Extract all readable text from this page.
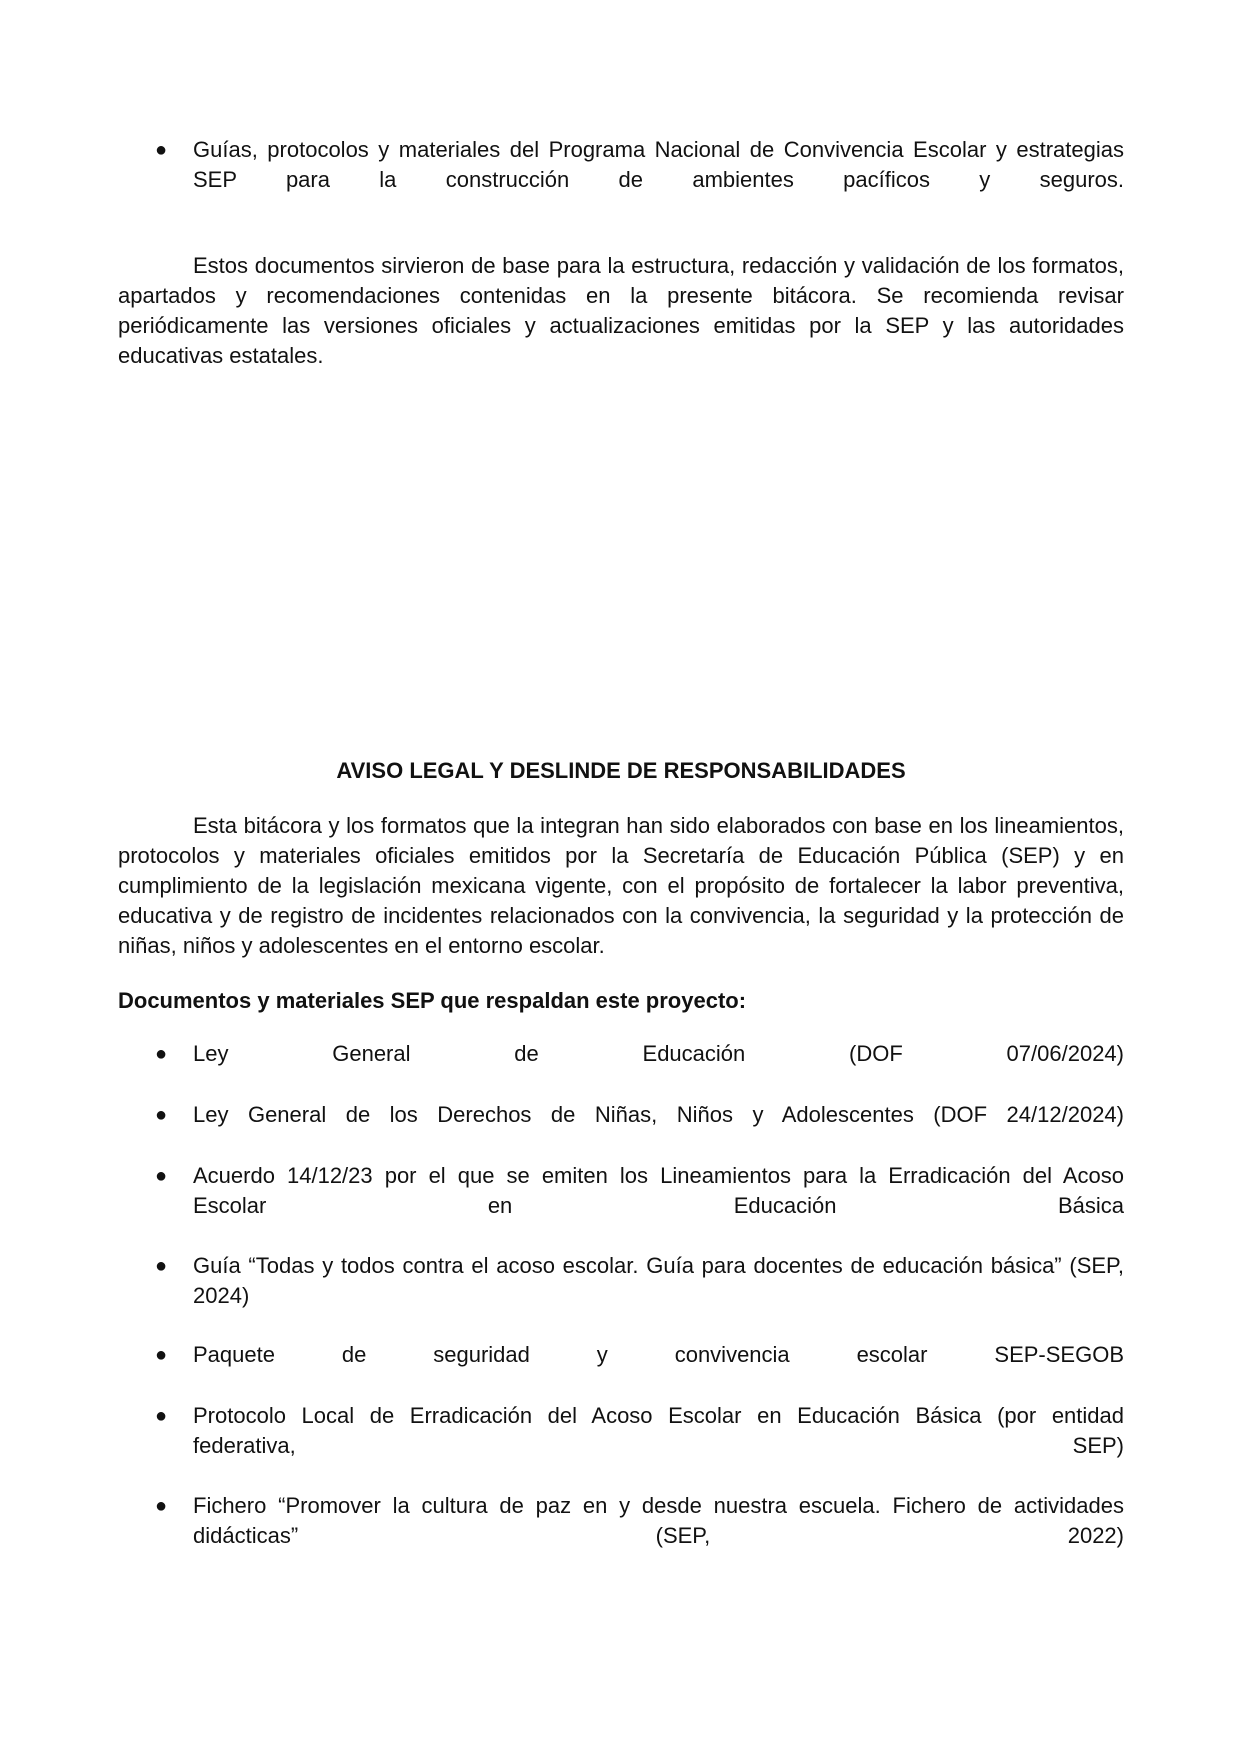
●	Guías, protocolos y materiales del Programa Nacional de Convivencia Escolar y estrategias SEP para la construcción de ambientes pacíficos y seguros.
Estos documentos sirvieron de base para la estructura, redacción y validación de los formatos, apartados y recomendaciones contenidas en la presente bitácora. Se recomienda revisar periódicamente las versiones oficiales y actualizaciones emitidas por la SEP y las autoridades educativas estatales.
AVISO LEGAL Y DESLINDE DE RESPONSABILIDADES
Esta bitácora y los formatos que la integran han sido elaborados con base en los lineamientos, protocolos y materiales oficiales emitidos por la Secretaría de Educación Pública (SEP) y en cumplimiento de la legislación mexicana vigente, con el propósito de fortalecer la labor preventiva, educativa y de registro de incidentes relacionados con la convivencia, la seguridad y la protección de niñas, niños y adolescentes en el entorno escolar.
Documentos y materiales SEP que respaldan este proyecto:
●	Ley General de Educación (DOF 07/06/2024)
●	Ley General de los Derechos de Niñas, Niños y Adolescentes (DOF 24/12/2024)
●	Acuerdo 14/12/23 por el que se emiten los Lineamientos para la Erradicación del Acoso Escolar en Educación Básica
●	Guía “Todas y todos contra el acoso escolar. Guía para docentes de educación básica” (SEP, 2024)
●	Paquete de seguridad y convivencia escolar SEP-SEGOB
●	Protocolo Local de Erradicación del Acoso Escolar en Educación Básica (por entidad federativa, SEP)
●	Fichero “Promover la cultura de paz en y desde nuestra escuela. Fichero de actividades didácticas” (SEP, 2022)
